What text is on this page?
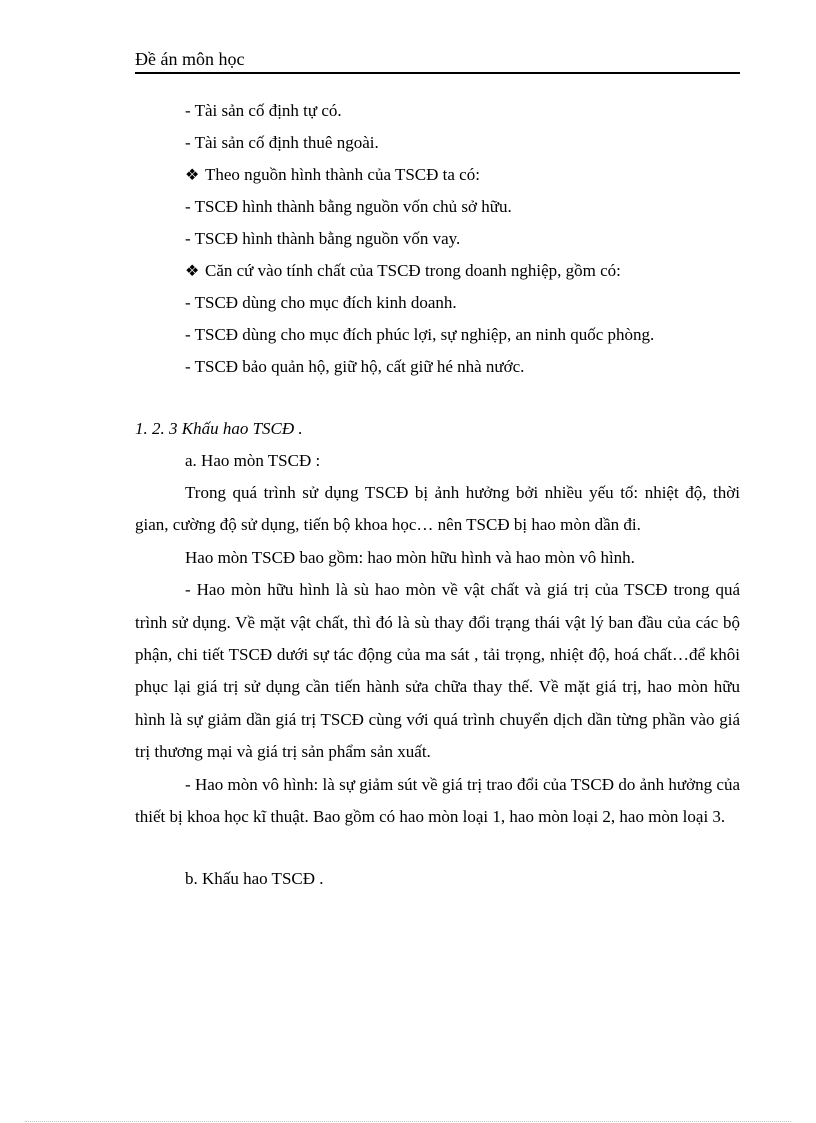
Đề án môn học
- Tài sản cố định tự có.
- Tài sản cố định thuê ngoài.
❖ Theo nguồn hình thành của TSCĐ ta có:
- TSCĐ hình thành bằng nguồn vốn chủ sở hữu.
- TSCĐ hình thành bằng nguồn vốn vay.
❖ Căn cứ vào tính chất của TSCĐ trong doanh nghiệp, gồm có:
- TSCĐ dùng cho mục đích kinh doanh.
- TSCĐ dùng cho mục đích phúc lợi, sự nghiệp, an ninh quốc phòng.
- TSCĐ bảo quản hộ, giữ hộ, cất giữ hé nhà nước.
1. 2. 3 Khấu hao TSCĐ .
a. Hao mòn TSCĐ :
Trong quá trình sử dụng TSCĐ bị ảnh hưởng bởi nhiều yếu tố: nhiệt độ, thời gian, cường độ sử dụng, tiến bộ khoa học… nên TSCĐ bị hao mòn dần đi.
Hao mòn TSCĐ bao gồm: hao mòn hữu hình và hao mòn vô hình.
- Hao mòn hữu hình là sù hao mòn về vật chất và giá trị của TSCĐ trong quá trình sử dụng. Về mặt vật chất, thì đó là sù thay đổi trạng thái vật lý ban đầu của các bộ phận, chi tiết TSCĐ dưới sự tác động của ma sát , tải trọng, nhiệt độ, hoá chất…để khôi phục lại giá trị sử dụng cần tiến hành sửa chữa thay thế. Về mặt giá trị, hao mòn hữu hình là sự giảm dần giá trị TSCĐ cùng với quá trình chuyển dịch dần từng phần vào giá trị thương mại và giá trị sản phẩm sản xuất.
- Hao mòn vô hình: là sự giảm sút về giá trị trao đổi của TSCĐ do ảnh hưởng của thiết bị khoa học kĩ thuật. Bao gồm có hao mòn loại 1, hao mòn loại 2, hao mòn loại 3.
b. Khấu hao TSCĐ .
